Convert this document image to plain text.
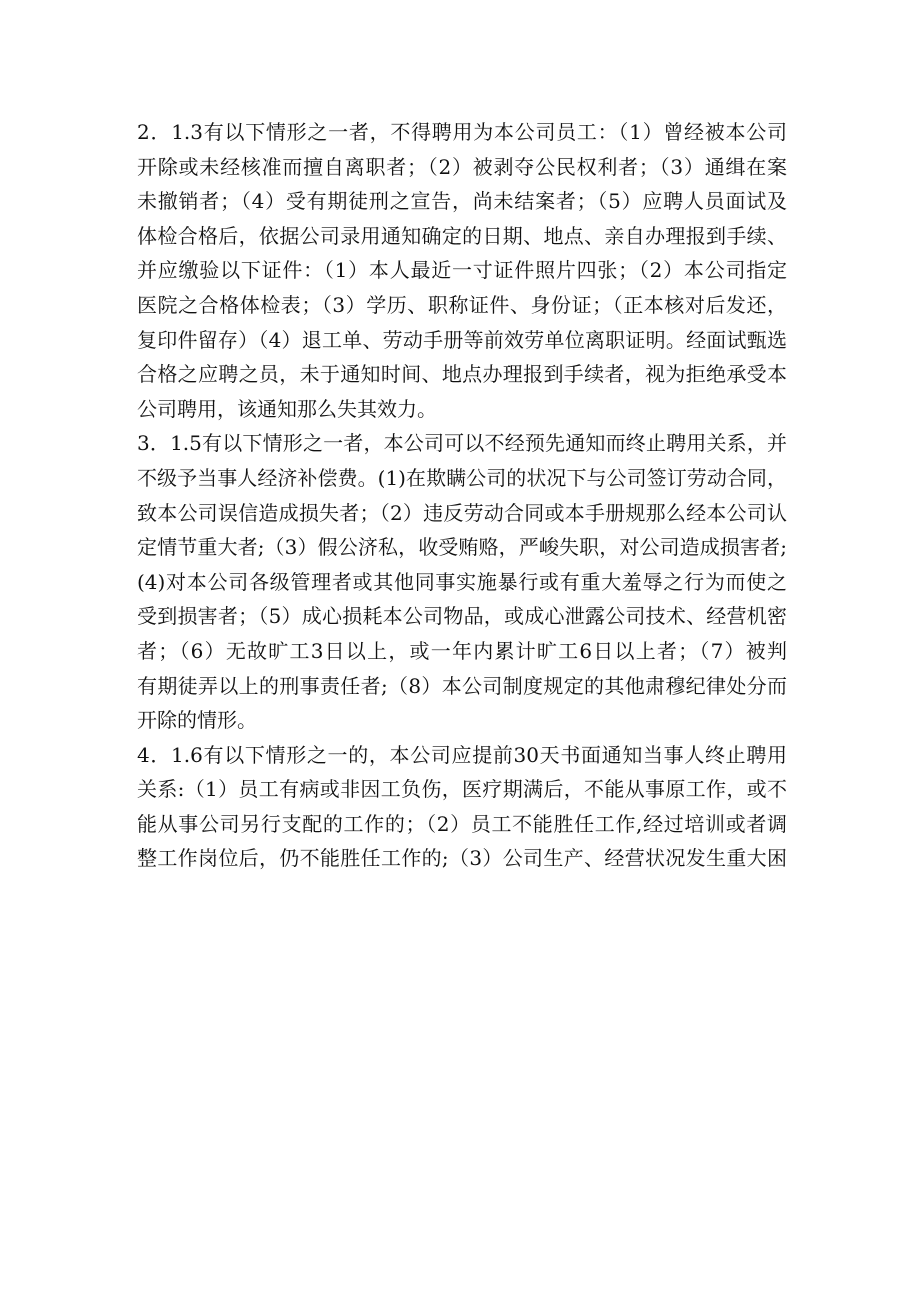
2．1.3有以下情形之一者，不得聘用为本公司员工：（1）曾经被本公司
开除或未经核准而擅自离职者；（2）被剥夺公民权利者；（3）通缉在案
未撤销者；（4）受有期徒刑之宣告，尚未结案者；（5）应聘人员面试及
体检合格后，依据公司录用通知确定的日期、地点、亲自办理报到手续、
并应缴验以下证件：（1）本人最近一寸证件照片四张；（2）本公司指定
医院之合格体检表；（3）学历、职称证件、身份证；（正本核对后发还，
复印件留存）（4）退工单、劳动手册等前效劳单位离职证明。经面试甄选
合格之应聘之员，未于通知时间、地点办理报到手续者，视为拒绝承受本
公司聘用，该通知那么失其效力。
3．1.5有以下情形之一者，本公司可以不经预先通知而终止聘用关系，并
不级予当事人经济补偿费。(1)在欺瞒公司的状况下与公司签订劳动合同，
致本公司误信造成损失者；（2）违反劳动合同或本手册规那么经本公司认
定情节重大者;（3）假公济私，收受贿赂，严峻失职，对公司造成损害者;
(4)对本公司各级管理者或其他同事实施暴行或有重大羞辱之行为而使之
受到损害者；（5）成心损耗本公司物品，或成心泄露公司技术、经营机密
者；（6）无故旷工3日以上，或一年内累计旷工6日以上者；（7）被判
有期徒弄以上的刑事责任者;（8）本公司制度规定的其他肃穆纪律处分而
开除的情形。
4．1.6有以下情形之一的，本公司应提前30天书面通知当事人终止聘用
关系:（1）员工有病或非因工负伤，医疗期满后，不能从事原工作，或不
能从事公司另行支配的工作的；（2）员工不能胜任工作,经过培训或者调
整工作岗位后，仍不能胜任工作的;（3）公司生产、经营状况发生重大困
